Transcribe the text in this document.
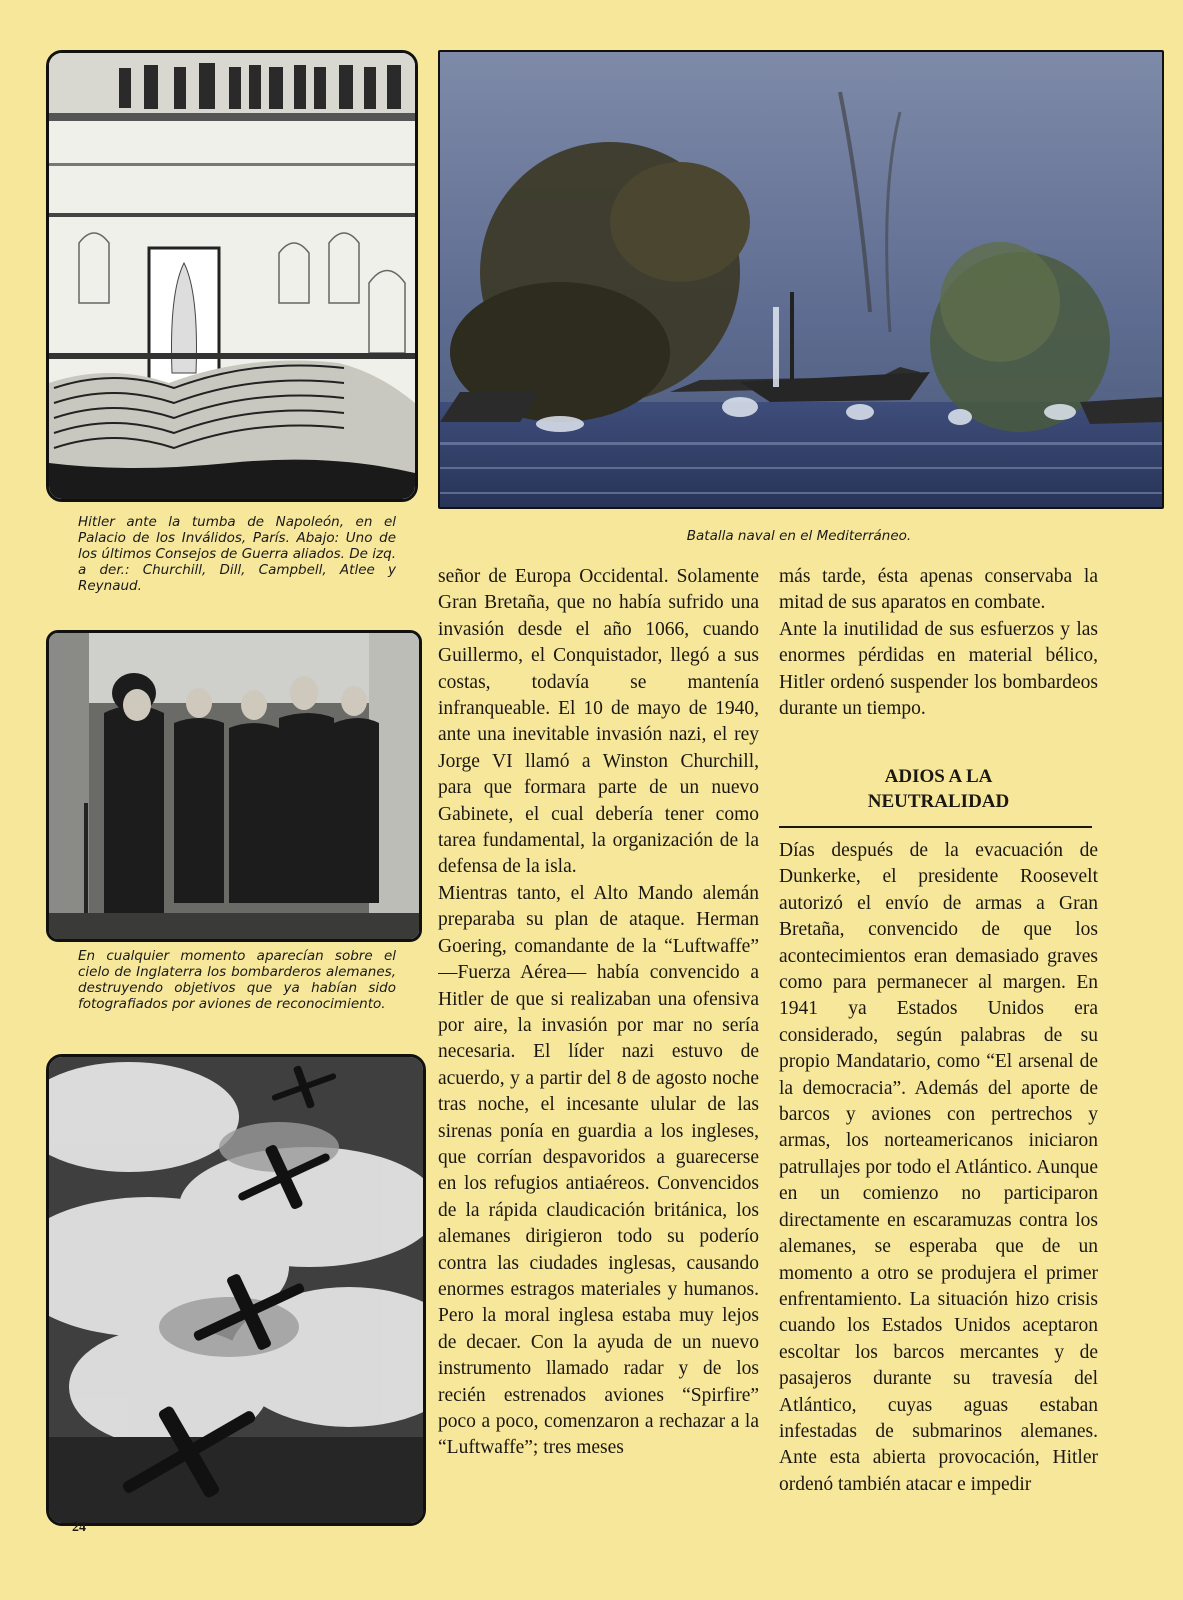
Hitler ante la tumba de Napoleón, en el Palacio de los Inválidos, París. Abajo: Uno de los últimos Consejos de Guerra aliados. De izq. a der.: Churchill, Dill, Campbell, Atlee y Reynaud.

Batalla naval en el Mediterráneo.

En cualquier momento aparecían sobre el cielo de Inglaterra los bombarderos alemanes, destruyendo objetivos que ya habían sido fotografiados por aviones de reconocimiento.

señor de Europa Occidental. Solamente Gran Bretaña, que no había sufrido una invasión desde el año 1066, cuando Guillermo, el Conquistador, llegó a sus costas, todavía se mantenía infranqueable. El 10 de mayo de 1940, ante una inevitable invasión nazi, el rey Jorge VI llamó a Winston Churchill, para que formara parte de un nuevo Gabinete, el cual debería tener como tarea fundamental, la organización de la defensa de la isla.

Mientras tanto, el Alto Mando alemán preparaba su plan de ataque. Herman Goering, comandante de la “Luftwaffe” —Fuerza Aérea— había convencido a Hitler de que si realizaban una ofensiva por aire, la invasión por mar no sería necesaria. El líder nazi estuvo de acuerdo, y a partir del 8 de agosto noche tras noche, el incesante ulular de las sirenas ponía en guardia a los ingleses, que corrían despavoridos a guarecerse en los refugios antiaéreos. Convencidos de la rápida claudicación británica, los alemanes dirigieron todo su poderío contra las ciudades inglesas, causando enormes estragos materiales y humanos. Pero la moral inglesa estaba muy lejos de decaer. Con la ayuda de un nuevo instrumento llamado radar y de los recién estrenados aviones “Spirfire” poco a poco, comenzaron a rechazar a la “Luftwaffe”; tres meses

más tarde, ésta apenas conservaba la mitad de sus aparatos en combate.

Ante la inutilidad de sus esfuerzos y las enormes pérdidas en material bélico, Hitler ordenó suspender los bombardeos durante un tiempo.

ADIOS A LA
NEUTRALIDAD

Días después de la evacuación de Dunkerke, el presidente Roosevelt autorizó el envío de armas a Gran Bretaña, convencido de que los acontecimientos eran demasiado graves como para permanecer al margen. En 1941 ya Estados Unidos era considerado, según palabras de su propio Mandatario, como “El arsenal de la democracia”. Además del aporte de barcos y aviones con pertrechos y armas, los norteamericanos iniciaron patrullajes por todo el Atlántico. Aunque en un comienzo no participaron directamente en escaramuzas contra los alemanes, se esperaba que de un momento a otro se produjera el primer enfrentamiento. La situación hizo crisis cuando los Estados Unidos aceptaron escoltar los barcos mercantes y de pasajeros durante su travesía del Atlántico, cuyas aguas estaban infestadas de submarinos alemanes. Ante esta abierta provocación, Hitler ordenó también atacar e impedir

24
